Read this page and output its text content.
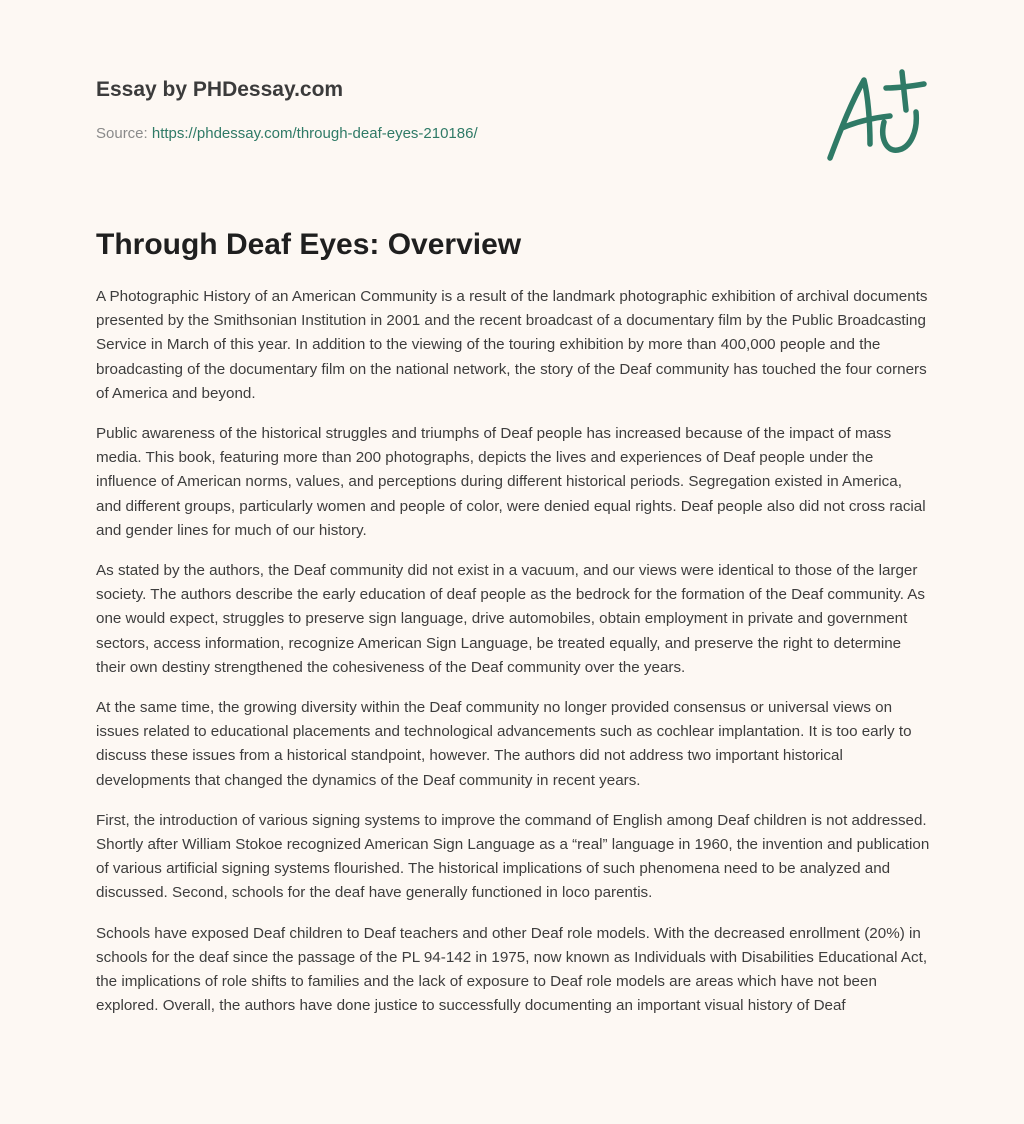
Essay by PHDessay.com
Source: https://phdessay.com/through-deaf-eyes-210186/
Through Deaf Eyes: Overview

A Photographic History of an American Community is a result of the landmark photographic exhibition of archival documents presented by the Smithsonian Institution in 2001 and the recent broadcast of a documentary film by the Public Broadcasting Service in March of this year. In addition to the viewing of the touring exhibition by more than 400,000 people and the broadcasting of the documentary film on the national network, the story of the Deaf community has touched the four corners of America and beyond.

Public awareness of the historical struggles and triumphs of Deaf people has increased because of the impact of mass media. This book, featuring more than 200 photographs, depicts the lives and experiences of Deaf people under the influence of American norms, values, and perceptions during different historical periods. Segregation existed in America, and different groups, particularly women and people of color, were denied equal rights. Deaf people also did not cross racial and gender lines for much of our history.

As stated by the authors, the Deaf community did not exist in a vacuum, and our views were identical to those of the larger society. The authors describe the early education of deaf people as the bedrock for the formation of the Deaf community. As one would expect, struggles to preserve sign language, drive automobiles, obtain employment in private and government sectors, access information, recognize American Sign Language, be treated equally, and preserve the right to determine their own destiny strengthened the cohesiveness of the Deaf community over the years.

At the same time, the growing diversity within the Deaf community no longer provided consensus or universal views on issues related to educational placements and technological advancements such as cochlear implantation. It is too early to discuss these issues from a historical standpoint, however. The authors did not address two important historical developments that changed the dynamics of the Deaf community in recent years.

First, the introduction of various signing systems to improve the command of English among Deaf children is not addressed. Shortly after William Stokoe recognized American Sign Language as a “real” language in 1960, the invention and publication of various artificial signing systems flourished. The historical implications of such phenomena need to be analyzed and discussed. Second, schools for the deaf have generally functioned in loco parentis.

Schools have exposed Deaf children to Deaf teachers and other Deaf role models. With the decreased enrollment (20%) in schools for the deaf since the passage of the PL 94-142 in 1975, now known as Individuals with Disabilities Educational Act, the implications of role shifts to families and the lack of exposure to Deaf role models are areas which have not been explored. Overall, the authors have done justice to successfully documenting an important visual history of Deaf
